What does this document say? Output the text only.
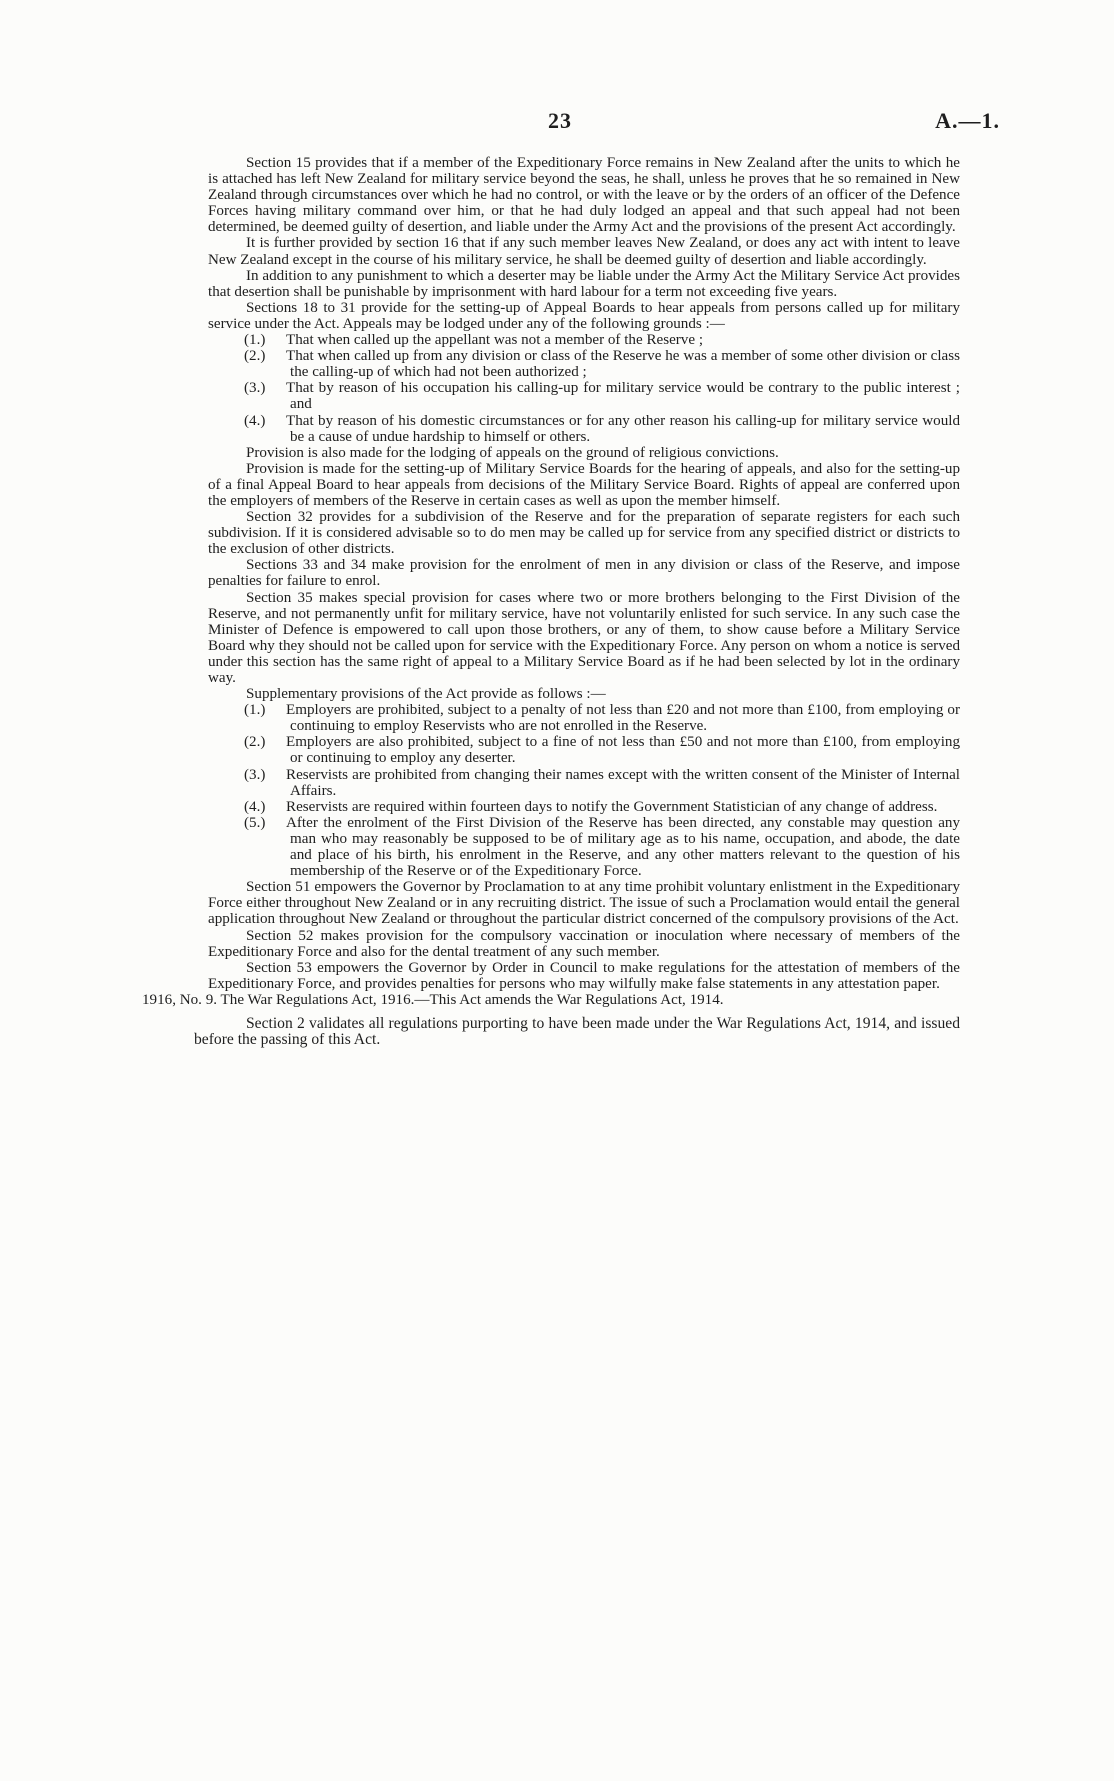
23	A.—1.

Section 15 provides that if a member of the Expeditionary Force remains in New Zealand after the units to which he is attached has left New Zealand for military service beyond the seas, he shall, unless he proves that he so remained in New Zealand through circumstances over which he had no control, or with the leave or by the orders of an officer of the Defence Forces having military command over him, or that he had duly lodged an appeal and that such appeal had not been determined, be deemed guilty of desertion, and liable under the Army Act and the provisions of the present Act accordingly.

It is further provided by section 16 that if any such member leaves New Zealand, or does any act with intent to leave New Zealand except in the course of his military service, he shall be deemed guilty of desertion and liable accordingly.

In addition to any punishment to which a deserter may be liable under the Army Act the Military Service Act provides that desertion shall be punishable by imprisonment with hard labour for a term not exceeding five years.

Sections 18 to 31 provide for the setting-up of Appeal Boards to hear appeals from persons called up for military service under the Act. Appeals may be lodged under any of the following grounds :—

(1.) That when called up the appellant was not a member of the Reserve ;
(2.) That when called up from any division or class of the Reserve he was a member of some other division or class the calling-up of which had not been authorized ;
(3.) That by reason of his occupation his calling-up for military service would be contrary to the public interest ; and
(4.) That by reason of his domestic circumstances or for any other reason his calling-up for military service would be a cause of undue hardship to himself or others.

Provision is also made for the lodging of appeals on the ground of religious convictions.

Provision is made for the setting-up of Military Service Boards for the hearing of appeals, and also for the setting-up of a final Appeal Board to hear appeals from decisions of the Military Service Board. Rights of appeal are conferred upon the employers of members of the Reserve in certain cases as well as upon the member himself.

Section 32 provides for a subdivision of the Reserve and for the preparation of separate registers for each such subdivision. If it is considered advisable so to do men may be called up for service from any specified district or districts to the exclusion of other districts.

Sections 33 and 34 make provision for the enrolment of men in any division or class of the Reserve, and impose penalties for failure to enrol.

Section 35 makes special provision for cases where two or more brothers belonging to the First Division of the Reserve, and not permanently unfit for military service, have not voluntarily enlisted for such service. In any such case the Minister of Defence is empowered to call upon those brothers, or any of them, to show cause before a Military Service Board why they should not be called upon for service with the Expeditionary Force. Any person on whom a notice is served under this section has the same right of appeal to a Military Service Board as if he had been selected by lot in the ordinary way.

Supplementary provisions of the Act provide as follows :—

(1.) Employers are prohibited, subject to a penalty of not less than £20 and not more than £100, from employing or continuing to employ Reservists who are not enrolled in the Reserve.
(2.) Employers are also prohibited, subject to a fine of not less than £50 and not more than £100, from employing or continuing to employ any deserter.
(3.) Reservists are prohibited from changing their names except with the written consent of the Minister of Internal Affairs.
(4.) Reservists are required within fourteen days to notify the Government Statistician of any change of address.
(5.) After the enrolment of the First Division of the Reserve has been directed, any constable may question any man who may reasonably be supposed to be of military age as to his name, occupation, and abode, the date and place of his birth, his enrolment in the Reserve, and any other matters relevant to the question of his membership of the Reserve or of the Expeditionary Force.

Section 51 empowers the Governor by Proclamation to at any time prohibit voluntary enlistment in the Expeditionary Force either throughout New Zealand or in any recruiting district. The issue of such a Proclamation would entail the general application throughout New Zealand or throughout the particular district concerned of the compulsory provisions of the Act.

Section 52 makes provision for the compulsory vaccination or inoculation where necessary of members of the Expeditionary Force and also for the dental treatment of any such member.

Section 53 empowers the Governor by Order in Council to make regulations for the attestation of members of the Expeditionary Force, and provides penalties for persons who may wilfully make false statements in any attestation paper.

1916, No. 9. The War Regulations Act, 1916.—This Act amends the War Regulations Act, 1914.

Section 2 validates all regulations purporting to have been made under the War Regulations Act, 1914, and issued before the passing of this Act.
